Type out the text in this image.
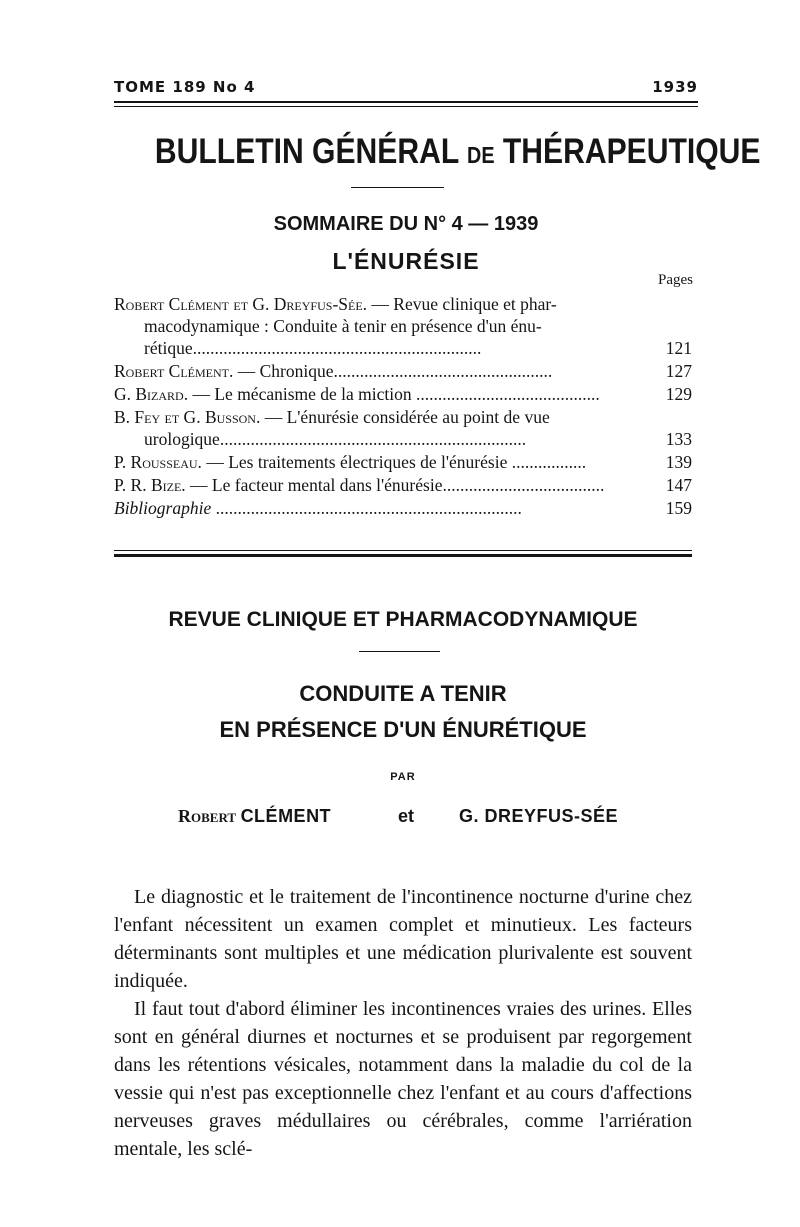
TOME 189 No 4	1939
BULLETIN GÉNÉRAL DE THÉRAPEUTIQUE
SOMMAIRE DU N° 4 — 1939
L'ÉNURÉSIE
Pages
Robert Clément et G. Dreyfus-Sée. — Revue clinique et phar-
macodynamique : Conduite à tenir en présence d'un énu-
rétique..................................................................	121
Robert Clément. — Chronique..................................................	127
G. Bizard. — Le mécanisme de la miction ..........................................	129
B. Fey et G. Busson. — L'énurésie considérée au point de vue
urologique......................................................................	133
P. Rousseau. — Les traitements électriques de l'énurésie .................	139
P. R. Bize. — Le facteur mental dans l'énurésie.....................................	147
Bibliographie ......................................................................	159
REVUE CLINIQUE ET PHARMACODYNAMIQUE
CONDUITE A TENIR
EN PRÉSENCE D'UN ÉNURÉTIQUE
PAR
Robert CLÉMENT	et G. DREYFUS-SÉE

Le diagnostic et le traitement de l'incontinence nocturne d'urine chez l'enfant nécessitent un examen complet et minutieux. Les facteurs déterminants sont multiples et une médication plurivalente est souvent indiquée.

Il faut tout d'abord éliminer les incontinences vraies des urines. Elles sont en général diurnes et nocturnes et se produisent par regorgement dans les rétentions vésicales, notamment dans la maladie du col de la vessie qui n'est pas exceptionnelle chez l'enfant et au cours d'affections nerveuses graves médullaires ou cérébrales, comme l'arriération mentale, les sclé-
